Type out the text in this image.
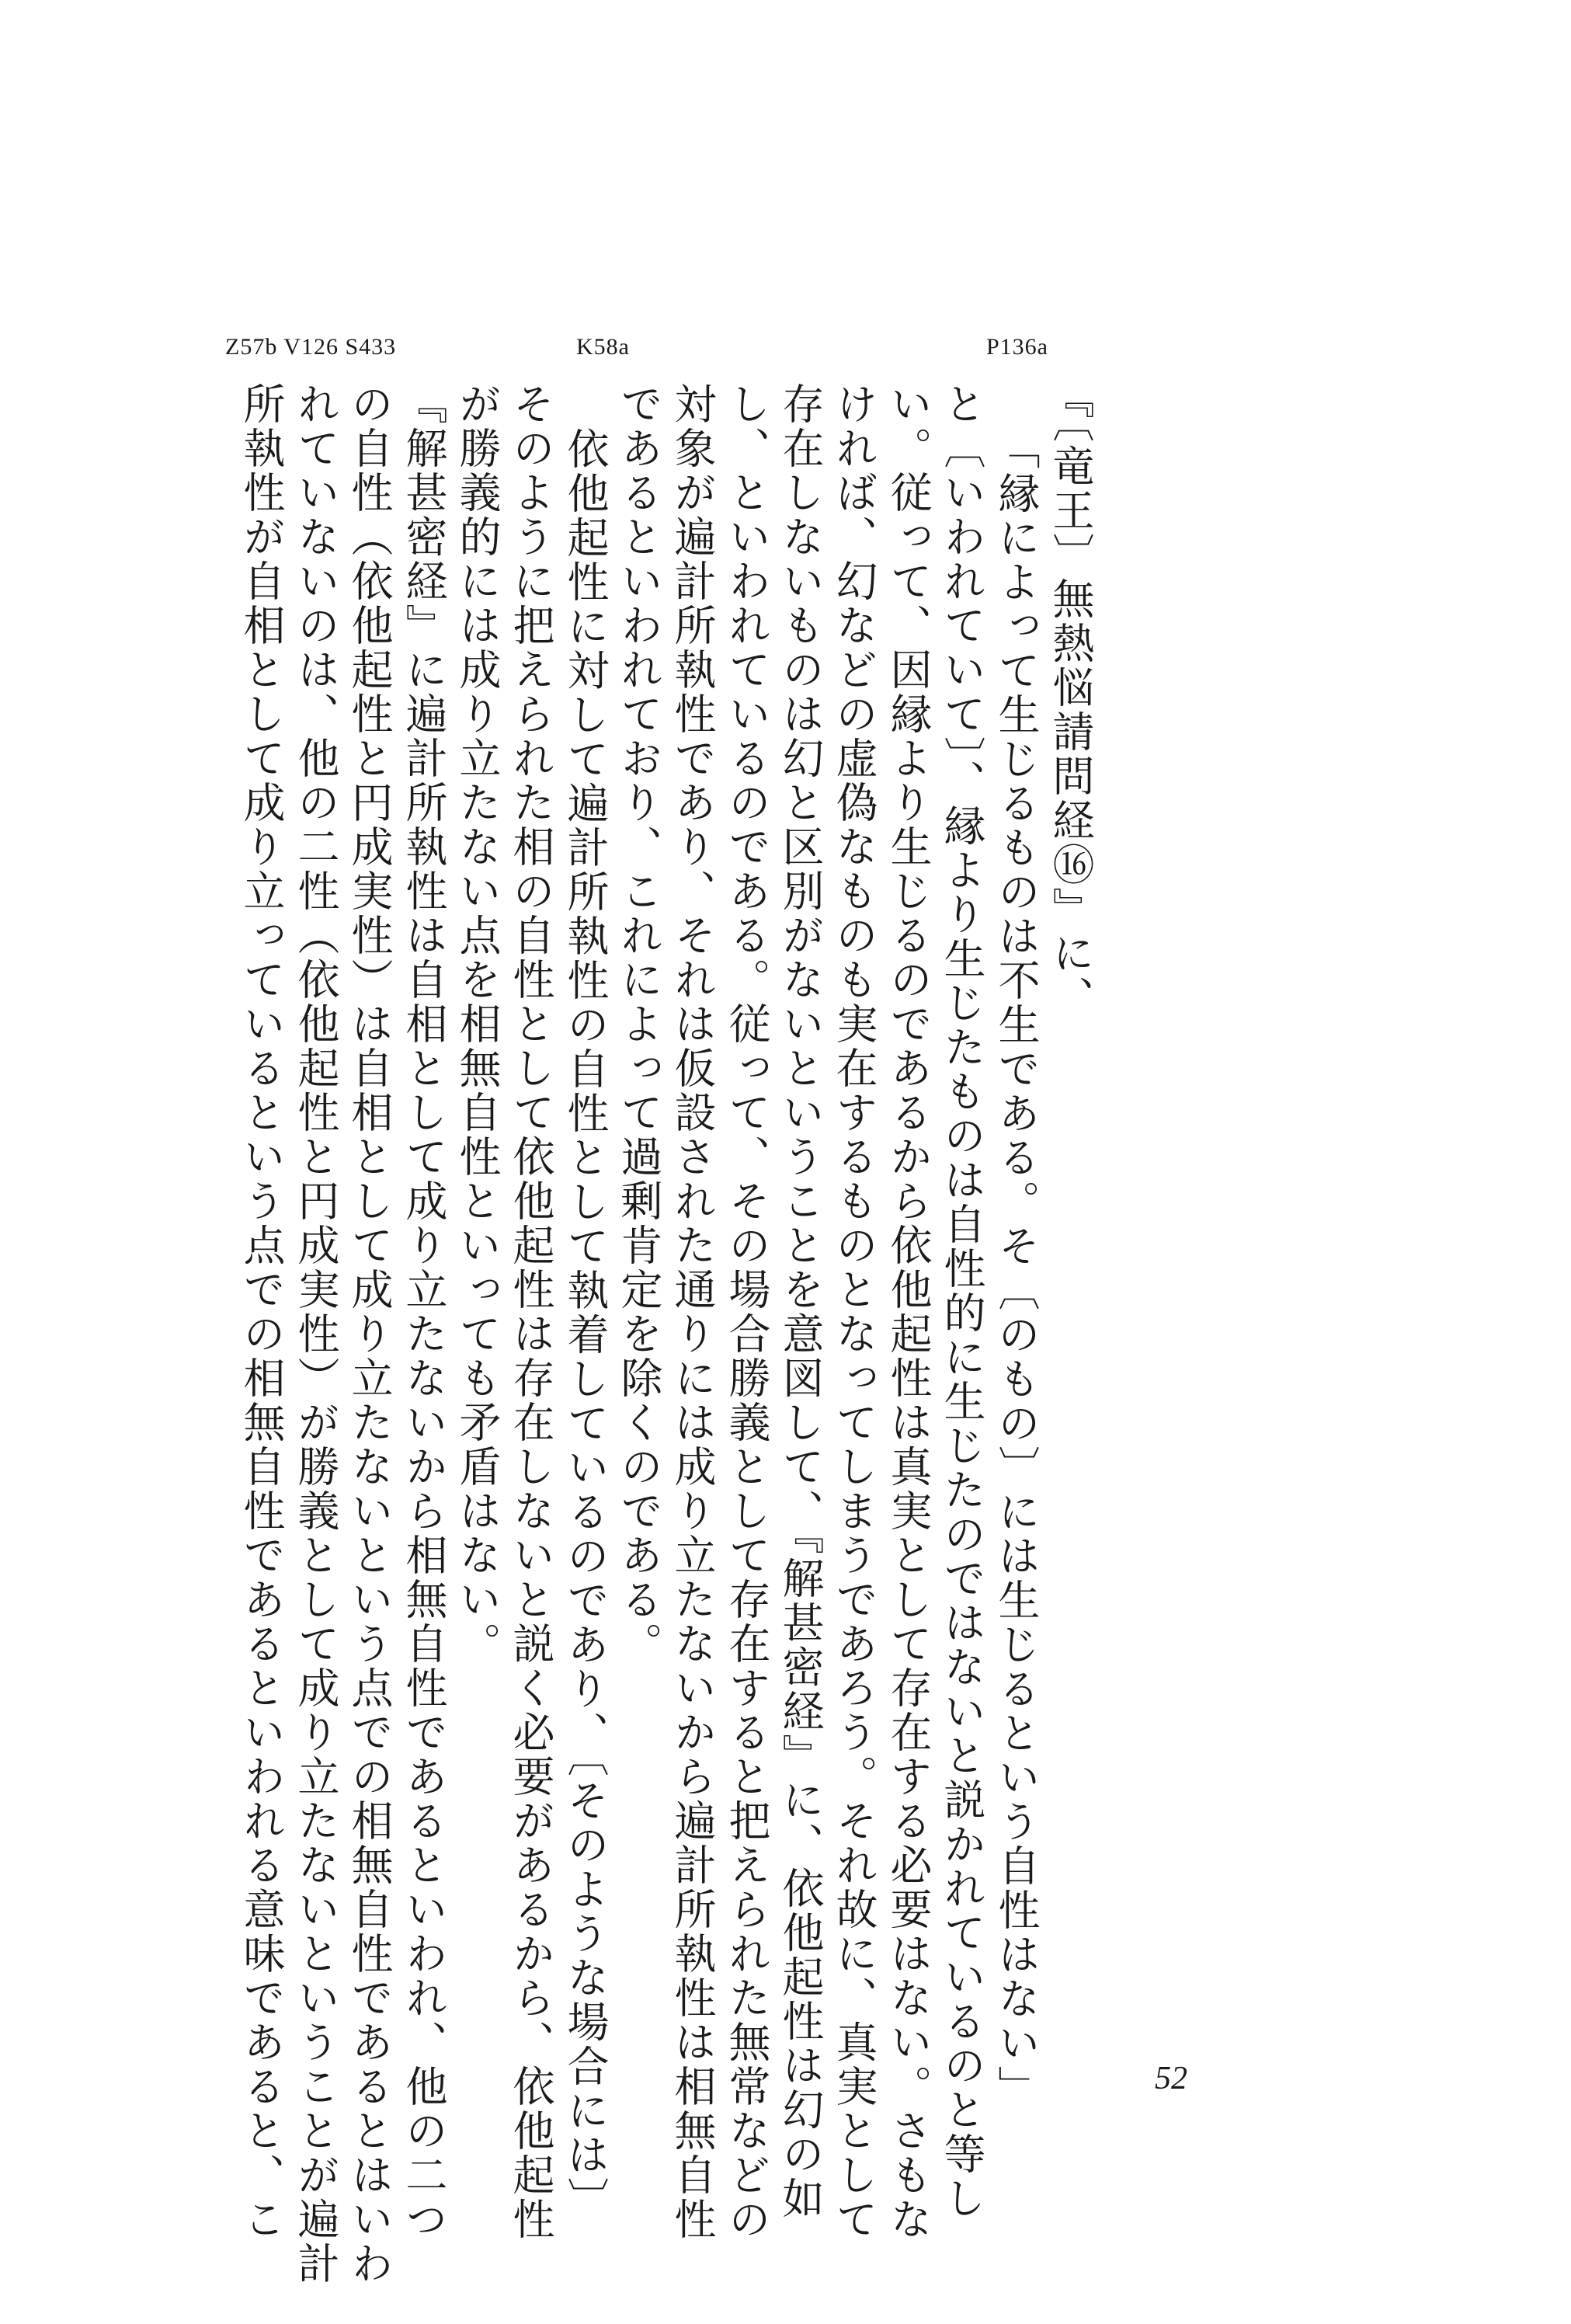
Z57b V126 S433	K58a	P136a
『〔竜王〕無熱悩請問経⑯』に、
「縁によって生じるものは不生である。そ〔のもの〕には生じるという自性はない」
と〔いわれていて〕、縁より生じたものは自性的に生じたのではないと説かれているのと等し
い。従って、因縁より生じるのであるから依他起性は真実として存在する必要はない。さもな
ければ、幻などの虚偽なものも実在するものとなってしまうであろう。それ故に、真実として
存在しないものは幻と区別がないということを意図して、『解甚密経』に、依他起性は幻の如
し、といわれているのである。従って、その場合勝義として存在すると把えられた無常などの
対象が遍計所執性であり、それは仮設された通りには成り立たないから遍計所執性は相無自性
であるといわれており、これによって過剰肯定を除くのである。
依他起性に対して遍計所執性の自性として執着しているのであり、〔そのような場合には〕
そのように把えられた相の自性として依他起性は存在しないと説く必要があるから、依他起性
が勝義的には成り立たない点を相無自性といっても矛盾はない。
『解甚密経』に遍計所執性は自相として成り立たないから相無自性であるといわれ、他の二つ
の自性（依他起性と円成実性）は自相として成り立たないという点での相無自性であるとはいわ
れていないのは、他の二性（依他起性と円成実性）が勝義として成り立たないということが遍計
所執性が自相として成り立っているという点での相無自性であるといわれる意味であると、こ	52
